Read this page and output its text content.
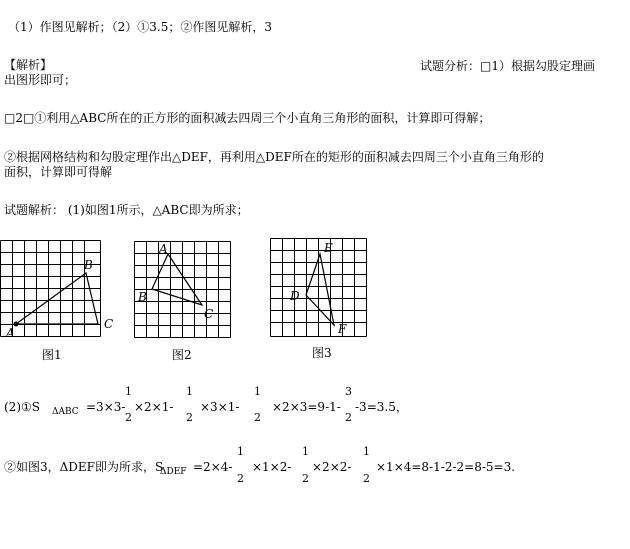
（1）作图见解析；（2）①3.5；②作图见解析，3
【解析】	试题分析：□1）根据勾股定理画
出图形即可；
□2□①利用△ABC所在的正方形的面积减去四周三个小直角三角形的面积，计算即可得解；
②根据网格结构和勾股定理作出△DEF，再利用△DEF所在的矩形的面积减去四周三个小直角三角形的
面积，计算即可得解
试题解析： (1)如图1所示，△ABC即为所求；
A
B
C
图1
A
B
C
图2
E
D
F
图3
(2)①S ΔABC =3×3-
1
2
×2×1-
1
2
×3×1-
1
2
×2×3=9-1-
3
2
-3=3.5，
②如图3，ΔDEF即为所求，S
ΔDEF =2×4-
1
2
×1×2-
1
2
×2×2-
1
2
×1×4=8-1-2-2=8-5=3.
